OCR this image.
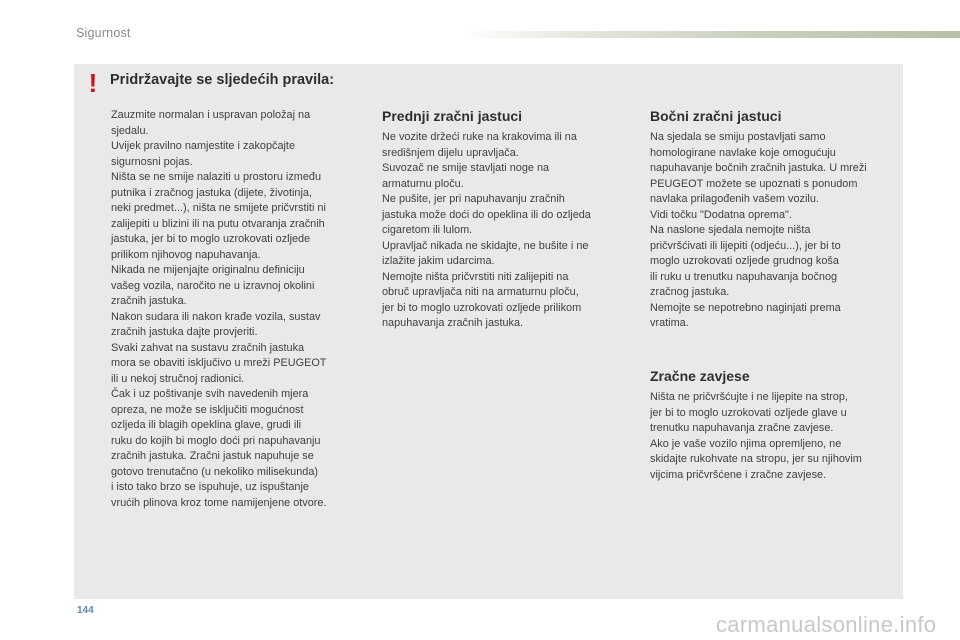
Sigurnost
! Pridržavajte se sljedećih pravila:
Zauzmite normalan i uspravan položaj na
sjedalu.
Uvijek pravilno namjestite i zakopčajte
sigurnosni pojas.
Ništa se ne smije nalaziti u prostoru između
putnika i zračnog jastuka (dijete, životinja,
neki predmet...), ništa ne smijete pričvrstiti ni
zalijepiti u blizini ili na putu otvaranja zračnih
jastuka, jer bi to moglo uzrokovati ozljede
prilikom njihovog napuhavanja.
Nikada ne mijenjajte originalnu definiciju
vašeg vozila, naročito ne u izravnoj okolini
zračnih jastuka.
Nakon sudara ili nakon krađe vozila, sustav
zračnih jastuka dajte provjeriti.
Svaki zahvat na sustavu zračnih jastuka
mora se obaviti isključivo u mreži PEUGEOT
ili u nekoj stručnoj radionici.
Čak i uz poštivanje svih navedenih mjera
opreza, ne može se isključiti mogućnost
ozljeda ili blagih opeklina glave, grudi ili
ruku do kojih bi moglo doći pri napuhavanju
zračnih jastuka. Zračni jastuk napuhuje se
gotovo trenutačno (u nekoliko milisekunda)
i isto tako brzo se ispuhuje, uz ispuštanje
vrućih plinova kroz tome namijenjene otvore.
Prednji zračni jastuci
Ne vozite držeći ruke na krakovima ili na
središnjem dijelu upravljača.
Suvozač ne smije stavljati noge na
armaturnu ploču.
Ne pušite, jer pri napuhavanju zračnih
jastuka može doći do opeklina ili do ozljeda
cigaretom ili lulom.
Upravljač nikada ne skidajte, ne bušite i ne
izlažite jakim udarcima.
Nemojte ništa pričvrstiti niti zalijepiti na
obruč upravljača niti na armaturnu ploču,
jer bi to moglo uzrokovati ozljede prilikom
napuhavanja zračnih jastuka.
Bočni zračni jastuci
Na sjedala se smiju postavljati samo
homologirane navlake koje omogućuju
napuhavanje bočnih zračnih jastuka. U mreži
PEUGEOT možete se upoznati s ponudom
navlaka prilagođenih vašem vozilu.
Vidi točku "Dodatna oprema".
Na naslone sjedala nemojte ništa
pričvršćivati ili lijepiti (odjeću...), jer bi to
moglo uzrokovati ozljede grudnog koša
ili ruku u trenutku napuhavanja bočnog
zračnog jastuka.
Nemojte se nepotrebno naginjati prema
vratima.
Zračne zavjese
Ništa ne pričvršćujte i ne lijepite na strop,
jer bi to moglo uzrokovati ozljede glave u
trenutku napuhavanja zračne zavjese.
Ako je vaše vozilo njima opremljeno, ne
skidajte rukohvate na stropu, jer su njihovim
vijcima pričvršćene i zračne zavjese.
144
carmanualsonline.info
